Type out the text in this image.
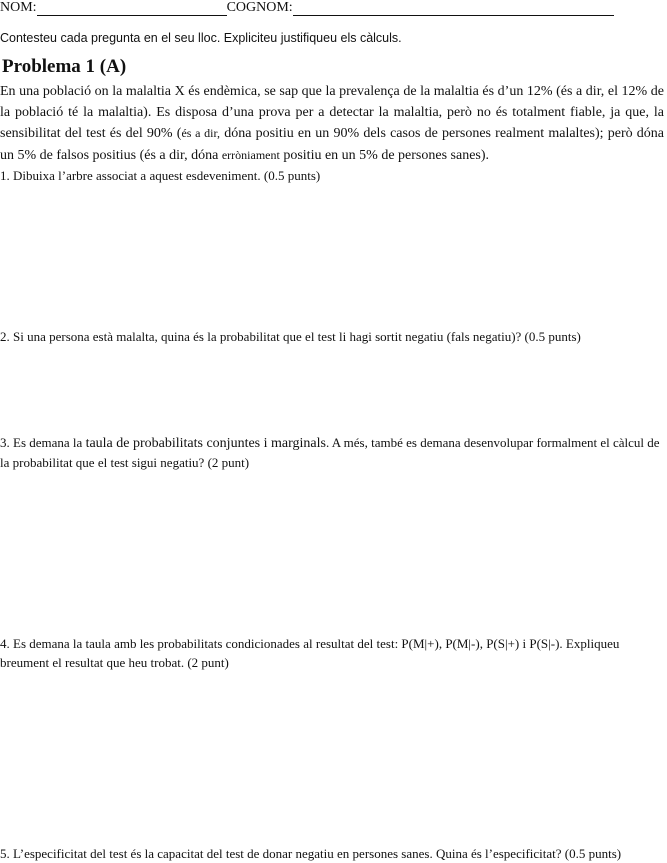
NOM:	COGNOM:
Contesteu cada pregunta en el seu lloc. Expliciteu justifiqueu els càlculs.
Problema 1 (A)
En una població on la malaltia X és endèmica, se sap que la prevalença de la malaltia és d’un 12% (és a dir, el 12% de la població té la malaltia). Es disposa d’una prova per a detectar la malaltia, però no és totalment fiable, ja que, la sensibilitat del test és del 90% (és a dir, dóna positiu en un 90% dels casos de persones realment malaltes); però dóna un 5% de falsos positius (és a dir, dóna erròniament positiu en un 5% de persones sanes).
1. Dibuixa l’arbre associat a aquest esdeveniment. (0.5 punts)
2. Si una persona està malalta, quina és la probabilitat que el test li hagi sortit negatiu (fals negatiu)? (0.5 punts)
3. Es demana la taula de probabilitats conjuntes i marginals. A més, també es demana desenvolupar formalment el càlcul de la probabilitat que el test sigui negatiu? (2 punt)
4. Es demana la taula amb les probabilitats condicionades al resultat del test: P(M|+), P(M|-), P(S|+) i P(S|-). Expliqueu breument el resultat que heu trobat. (2 punt)
5. L’especificitat del test és la capacitat del test de donar negatiu en persones sanes. Quina és l’especificitat? (0.5 punts)
